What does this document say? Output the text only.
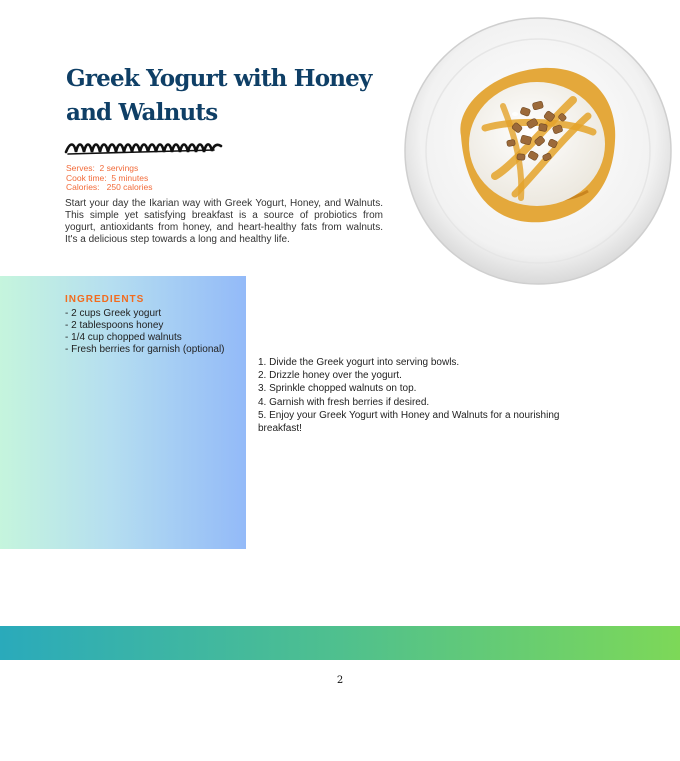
Greek Yogurt with Honey and Walnuts
Serves:  2 servings
Cook time:  5 minutes
Calories:   250 calories

Start your day the Ikarian way with Greek Yogurt, Honey, and Walnuts. This simple yet satisfying breakfast is a source of probiotics from yogurt, antioxidants from honey, and heart-healthy fats from walnuts. It's a delicious step towards a long and healthy life.

INGREDIENTS
- 2 cups Greek yogurt
- 2 tablespoons honey
- 1/4 cup chopped walnuts
- Fresh berries for garnish (optional)
1. Divide the Greek yogurt into serving bowls.
2. Drizzle honey over the yogurt.
3. Sprinkle chopped walnuts on top.
4. Garnish with fresh berries if desired.
5. Enjoy your Greek Yogurt with Honey and Walnuts for a nourishing breakfast!
2
